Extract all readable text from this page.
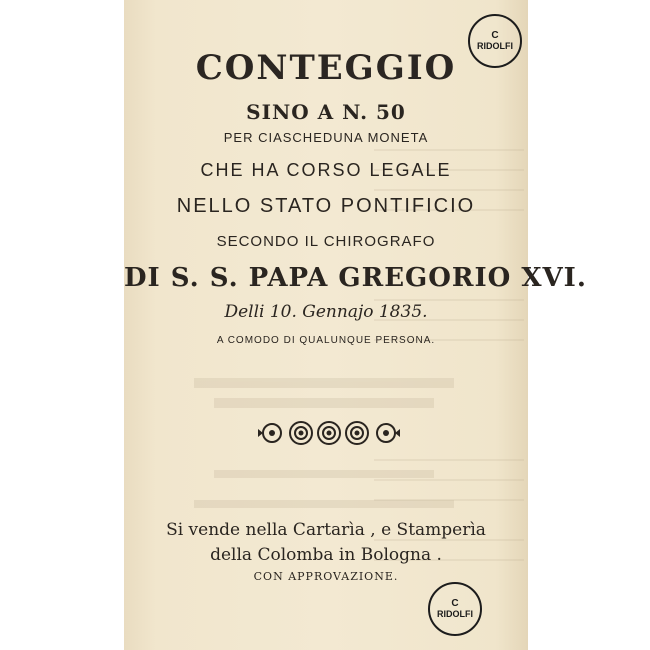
CONTEGGIO
SINO A N. 50
PER CIASCHEDUNA MONETA
CHE HA CORSO LEGALE
NELLO STATO PONTIFICIO
SECONDO IL CHIROGRAFO
DI S. S. PAPA GREGORIO XVI.
Delli 10. Gennajo 1835.
A COMODO DI QUALUNQUE PERSONA.
Si vende nella Cartarìa , e Stamperìa
della Colomba in Bologna .
CON APPROVAZIONE.
C
RIDOLFI
C
RIDOLFI
